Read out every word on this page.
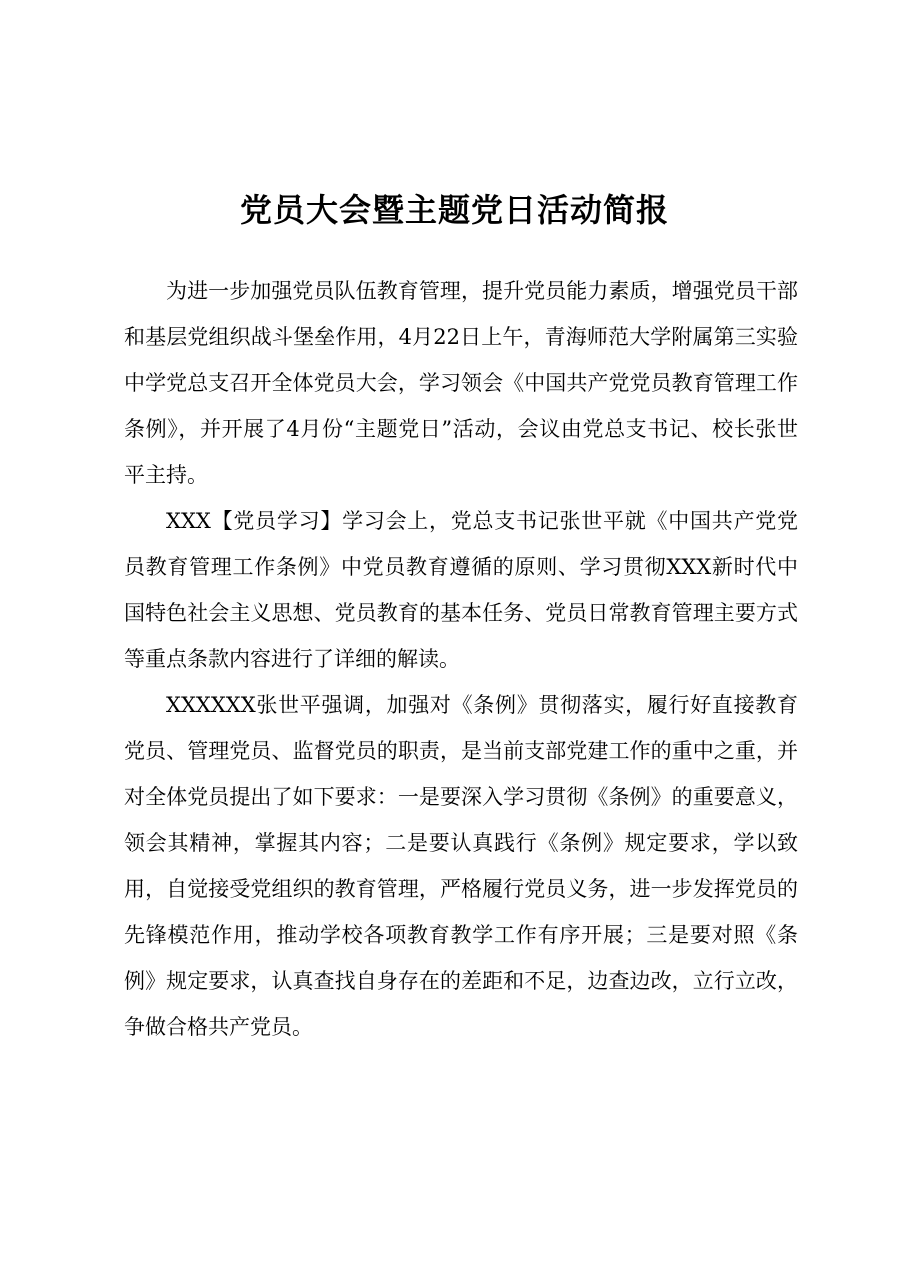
党员大会暨主题党日活动简报

为进一步加强党员队伍教育管理，提升党员能力素质，增强党员干部和基层党组织战斗堡垒作用，4月22日上午，青海师范大学附属第三实验中学党总支召开全体党员大会，学习领会《中国共产党党员教育管理工作条例》，并开展了4月份“主题党日”活动，会议由党总支书记、校长张世平主持。

XXX【党员学习】学习会上，党总支书记张世平就《中国共产党党员教育管理工作条例》中党员教育遵循的原则、学习贯彻XXX新时代中国特色社会主义思想、党员教育的基本任务、党员日常教育管理主要方式等重点条款内容进行了详细的解读。

XXXXXX张世平强调，加强对《条例》贯彻落实，履行好直接教育党员、管理党员、监督党员的职责，是当前支部党建工作的重中之重，并对全体党员提出了如下要求：一是要深入学习贯彻《条例》的重要意义，领会其精神，掌握其内容；二是要认真践行《条例》规定要求，学以致用，自觉接受党组织的教育管理，严格履行党员义务，进一步发挥党员的先锋模范作用，推动学校各项教育教学工作有序开展；三是要对照《条例》规定要求，认真查找自身存在的差距和不足，边查边改，立行立改，争做合格共产党员。
